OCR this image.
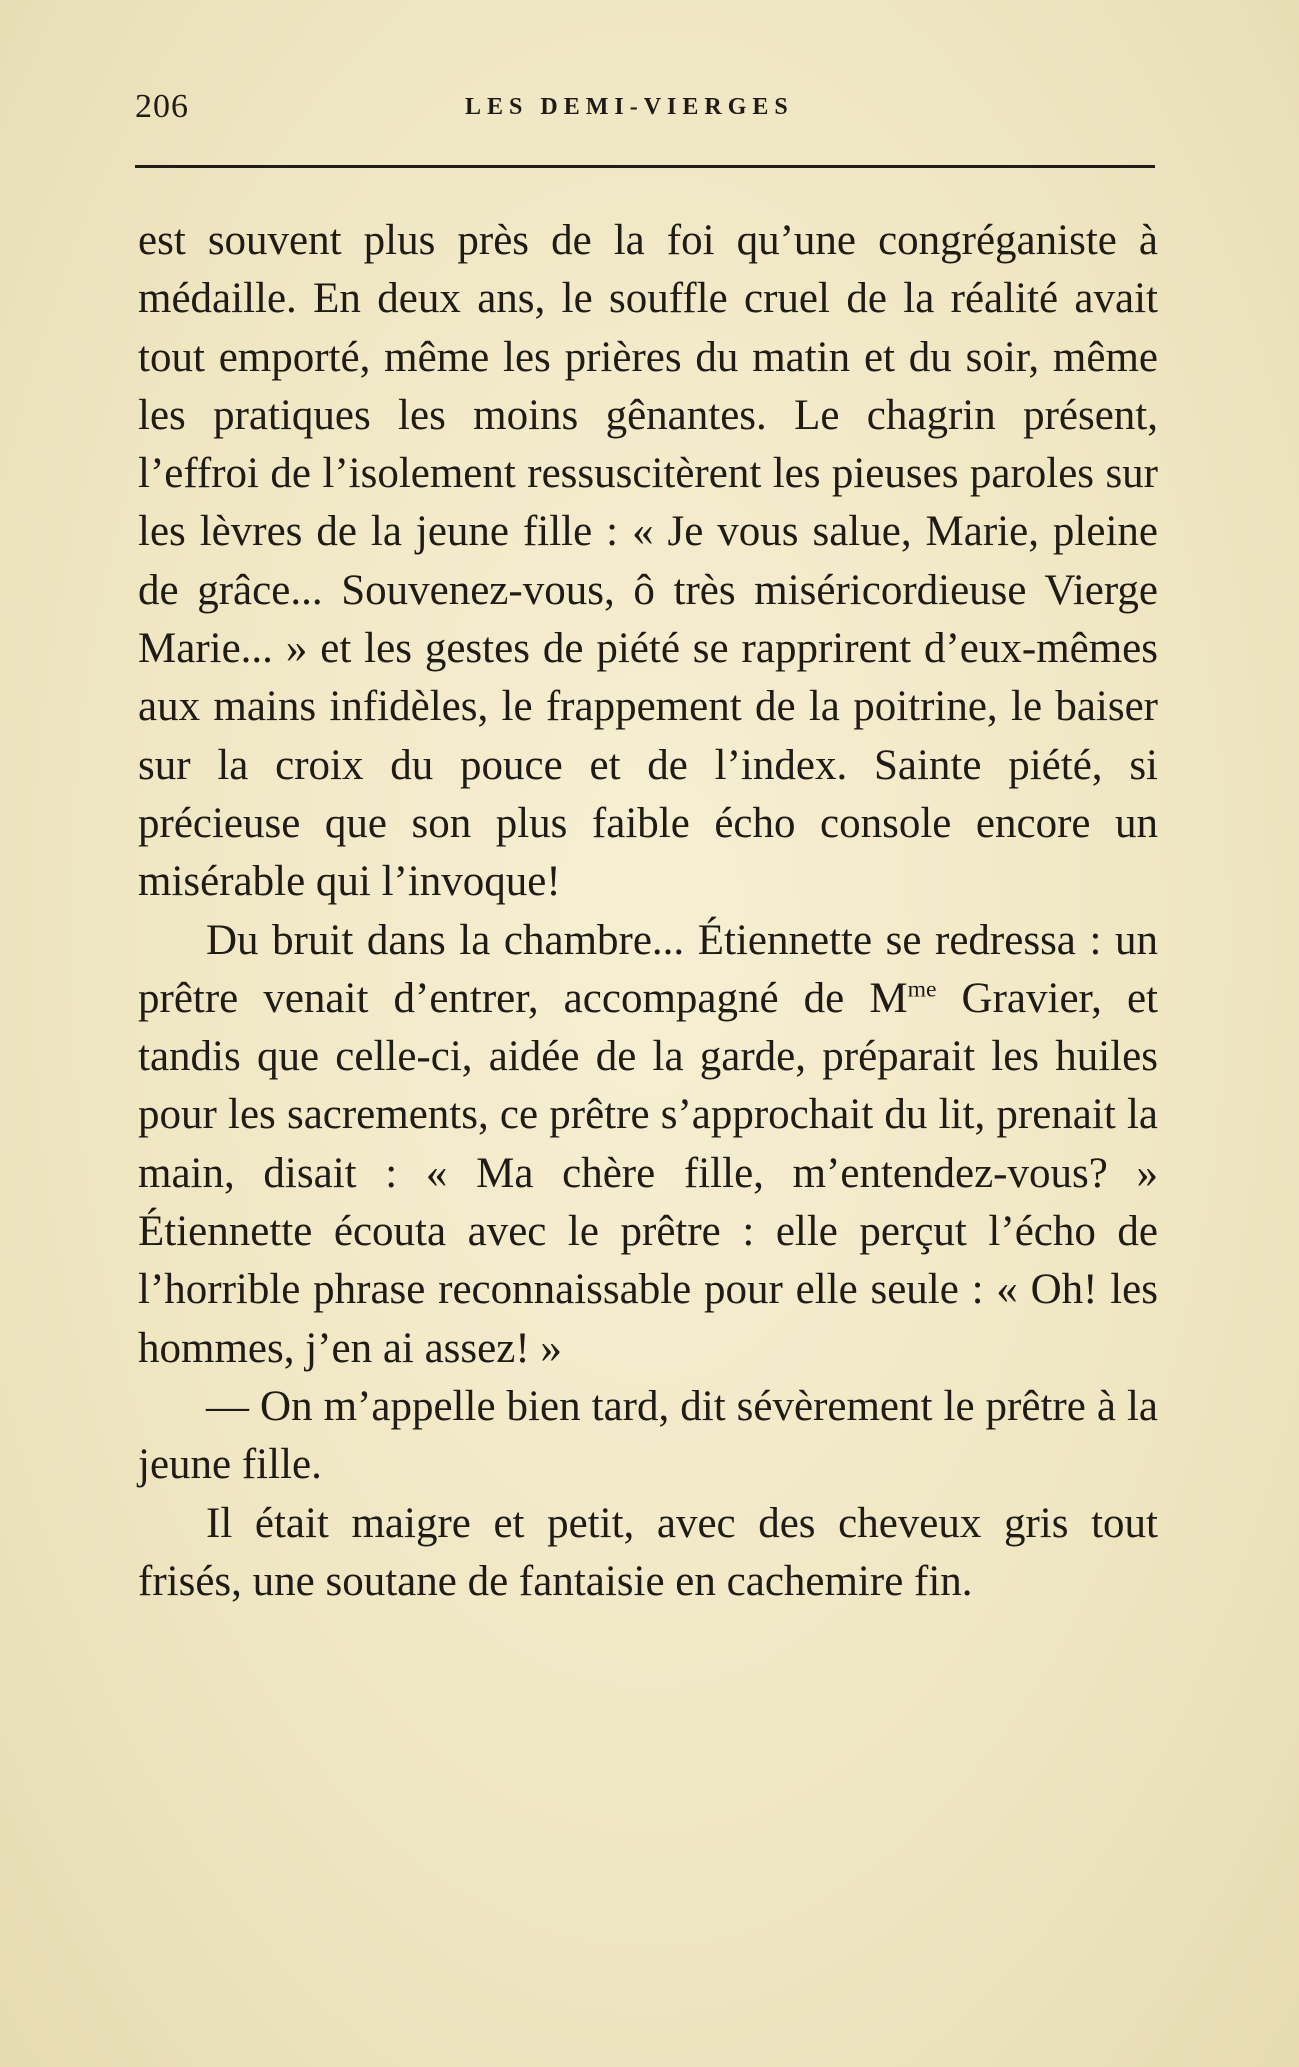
206	LES DEMI-VIERGES

est souvent plus près de la foi qu’une congréganiste à médaille. En deux ans, le souffle cruel de la réalité avait tout emporté, même les prières du matin et du soir, même les pratiques les moins gênantes. Le chagrin présent, l’effroi de l’isolement ressuscitèrent les pieuses paroles sur les lèvres de la jeune fille : « Je vous salue, Marie, pleine de grâce... Souvenez-vous, ô très miséricordieuse Vierge Marie... » et les gestes de piété se rapprirent d’eux-mêmes aux mains infidèles, le frappement de la poitrine, le baiser sur la croix du pouce et de l’index. Sainte piété, si précieuse que son plus faible écho console encore un misérable qui l’invoque!

Du bruit dans la chambre... Étiennette se redressa : un prêtre venait d’entrer, accompagné de $M^{me}$ Gravier, et tandis que celle-ci, aidée de la garde, préparait les huiles pour les sacrements, ce prêtre s’approchait du lit, prenait la main, disait : « Ma chère fille, m’entendez-vous? » Étiennette écouta avec le prêtre : elle perçut l’écho de l’horrible phrase reconnaissable pour elle seule : « Oh! les hommes, j’en ai assez! »

— On m’appelle bien tard, dit sévèrement le prêtre à la jeune fille.

Il était maigre et petit, avec des cheveux gris tout frisés, une soutane de fantaisie en cachemire fin.
